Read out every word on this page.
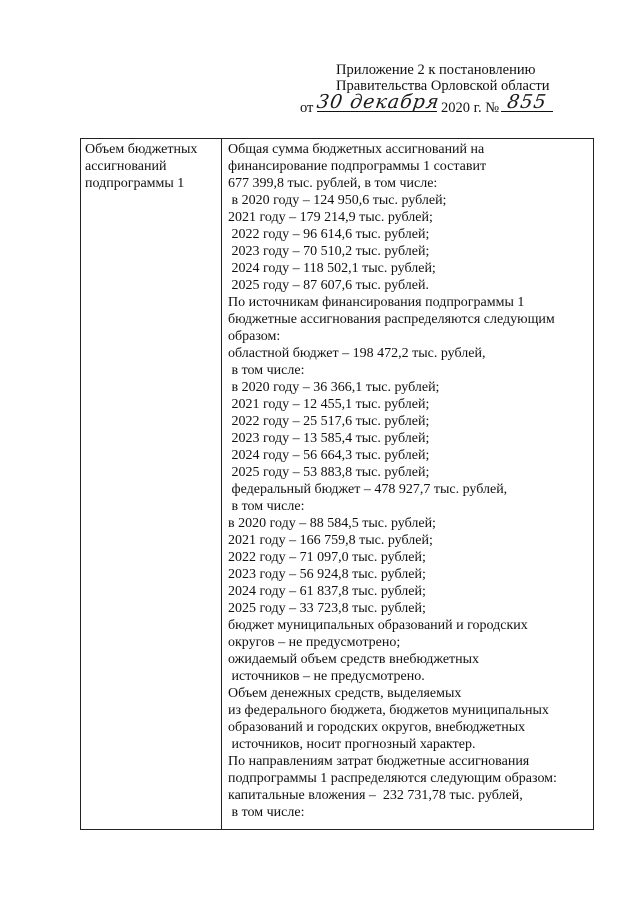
Приложение 2 к постановлению
Правительства Орловской области
от 30 декабря 2020 г. № 855
Объем бюджетных
ассигнований
подпрограммы 1
Общая сумма бюджетных ассигнований на
финансирование подпрограммы 1 составит
677 399,8 тыс. рублей, в том числе:
в 2020 году – 124 950,6 тыс. рублей;
2021 году – 179 214,9 тыс. рублей;
2022 году – 96 614,6 тыс. рублей;
2023 году – 70 510,2 тыс. рублей;
2024 году – 118 502,1 тыс. рублей;
2025 году – 87 607,6 тыс. рублей.
По источникам финансирования подпрограммы 1
бюджетные ассигнования распределяются следующим
образом:
областной бюджет – 198 472,2 тыс. рублей,
в том числе:
в 2020 году – 36 366,1 тыс. рублей;
2021 году – 12 455,1 тыс. рублей;
2022 году – 25 517,6 тыс. рублей;
2023 году – 13 585,4 тыс. рублей;
2024 году – 56 664,3 тыс. рублей;
2025 году – 53 883,8 тыс. рублей;
федеральный бюджет – 478 927,7 тыс. рублей,
в том числе:
в 2020 году – 88 584,5 тыс. рублей;
2021 году – 166 759,8 тыс. рублей;
2022 году – 71 097,0 тыс. рублей;
2023 году – 56 924,8 тыс. рублей;
2024 году – 61 837,8 тыс. рублей;
2025 году – 33 723,8 тыс. рублей;
бюджет муниципальных образований и городских
округов – не предусмотрено;
ожидаемый объем средств внебюджетных
источников – не предусмотрено.
Объем денежных средств, выделяемых
из федерального бюджета, бюджетов муниципальных
образований и городских округов, внебюджетных
источников, носит прогнозный характер.
По направлениям затрат бюджетные ассигнования
подпрограммы 1 распределяются следующим образом:
капитальные вложения –  232 731,78 тыс. рублей,
в том числе:
